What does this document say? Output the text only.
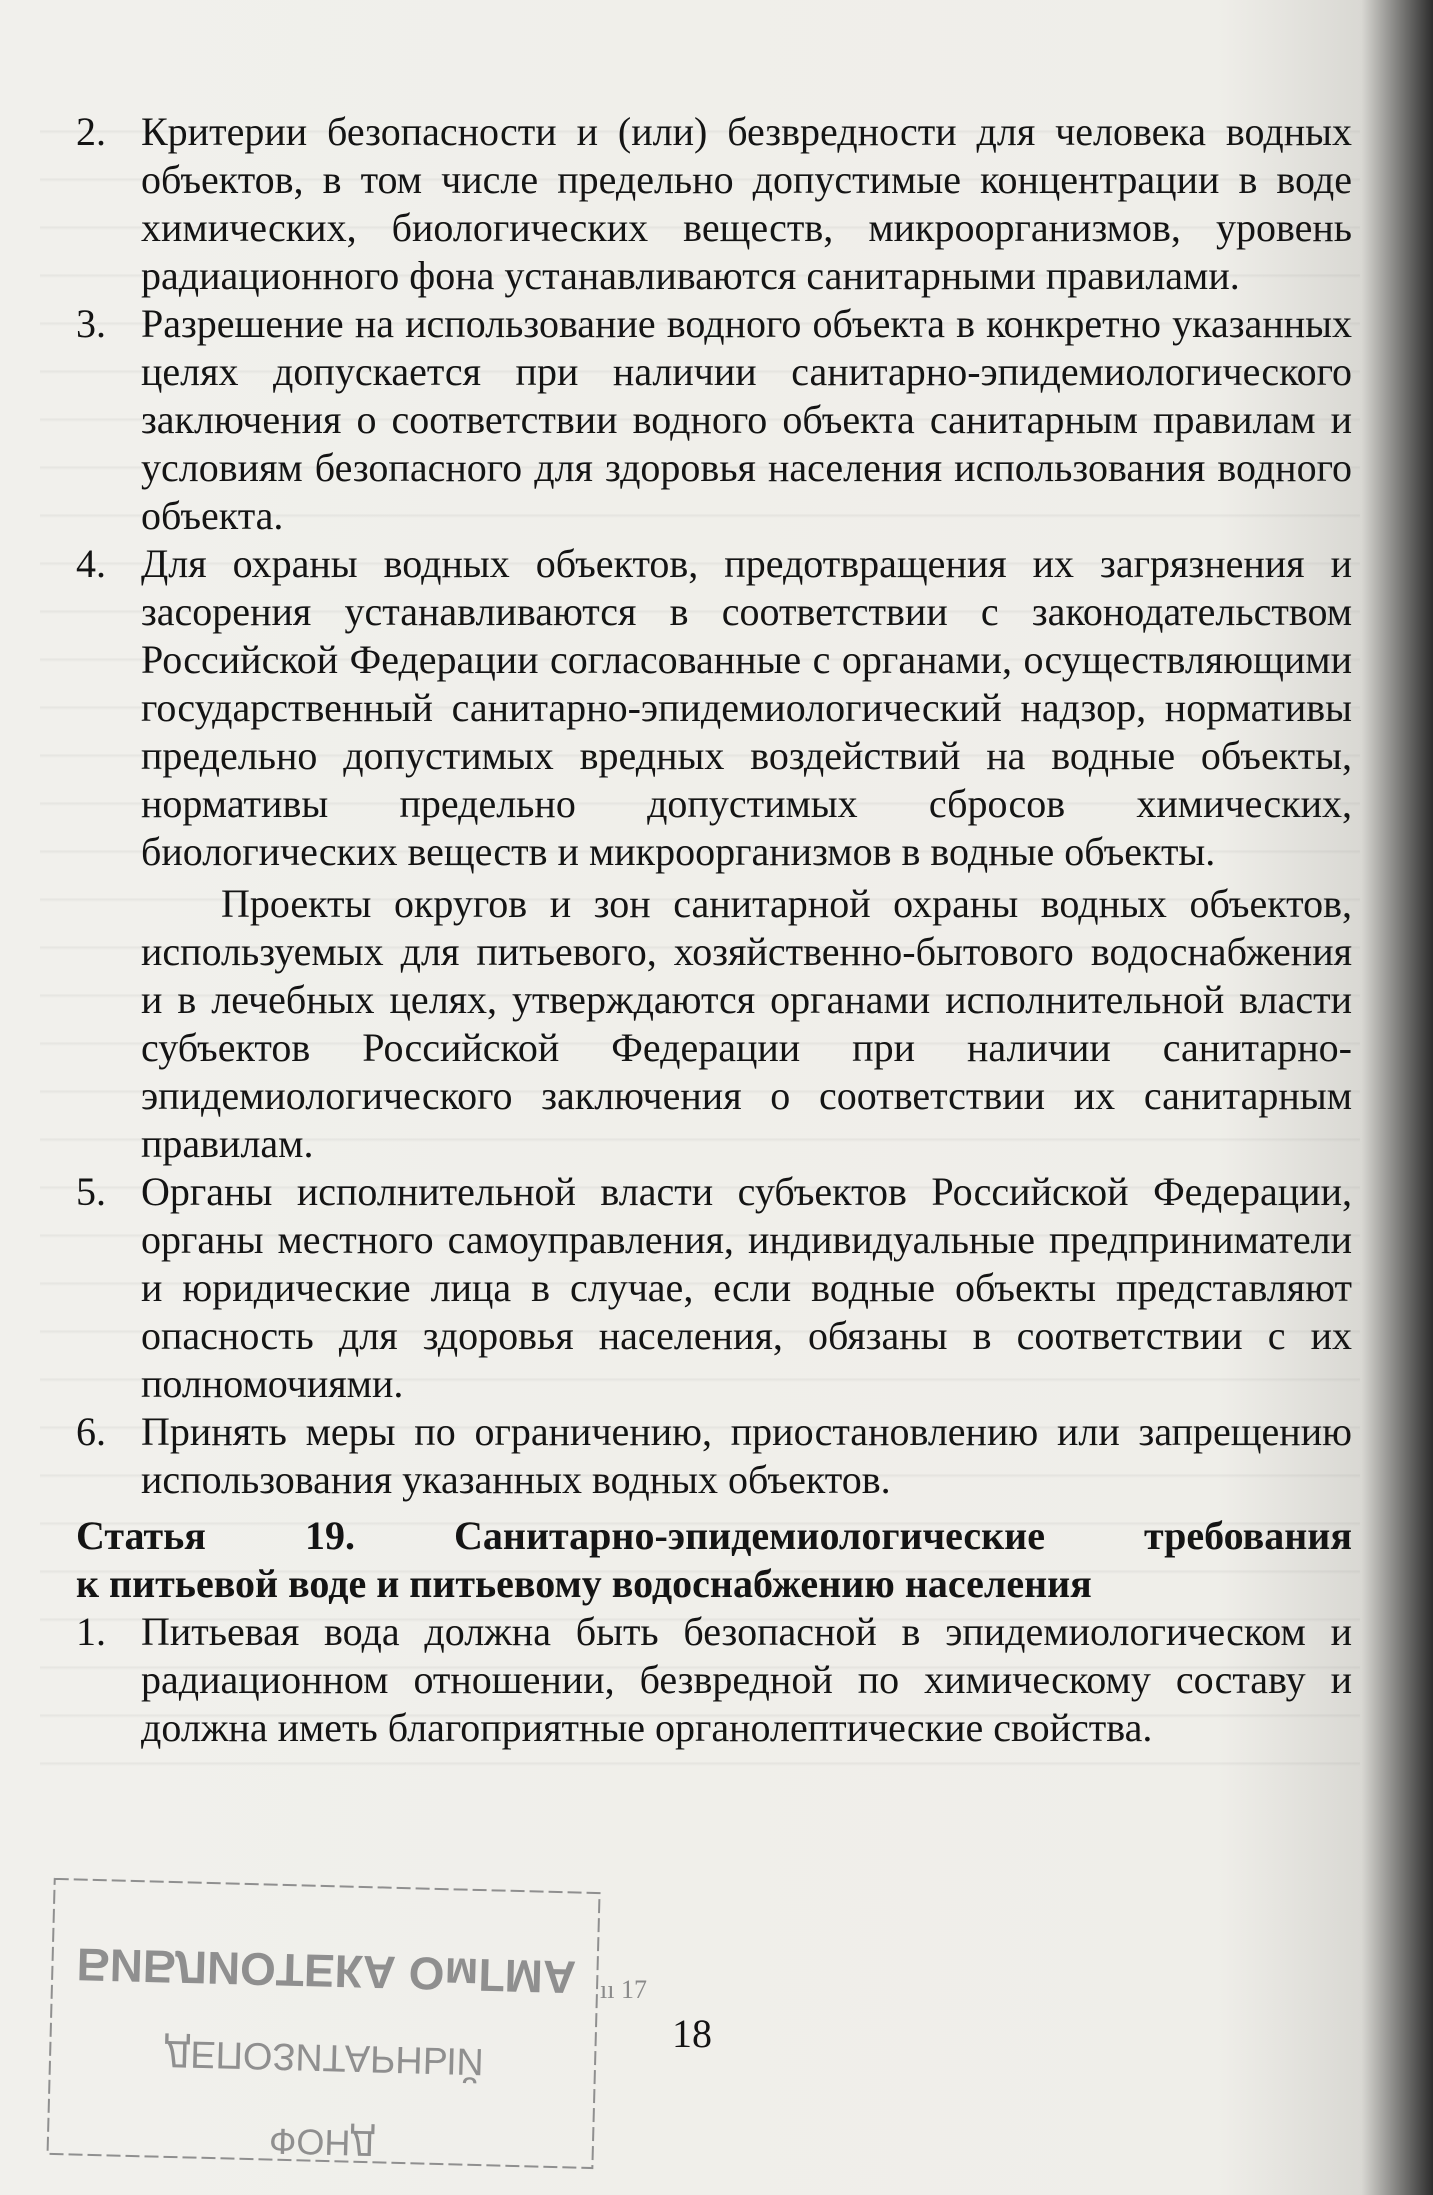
2. Критерии безопасности и (или) безвредности для человека водных объектов, в том числе предельно допустимые концентрации в воде химических, биологических веществ, микроорганизмов, уровень радиационного фона устанавливаются санитарными правилами.
3. Разрешение на использование водного объекта в конкретно указанных целях допускается при наличии санитарно-эпидемиологического заключения о соответствии водного объекта санитарным правилам и условиям безопасного для здоровья населения использования водного объекта.
4. Для охраны водных объектов, предотвращения их загрязнения и засорения устанавливаются в соответствии с законодательством Российской Федерации согласованные с органами, осуществляющими государственный санитарно-эпидемиологический надзор, нормативы предельно допустимых вредных воздействий на водные объекты, нормативы предельно допустимых сбросов химических, биологических веществ и микроорганизмов в водные объекты.

Проекты округов и зон санитарной охраны водных объектов, используемых для питьевого, хозяйственно-бытового водоснабжения и в лечебных целях, утверждаются органами исполнительной власти субъектов Российской Федерации при наличии санитарно-эпидемиологического заключения о соответствии их санитарным правилам.

5. Органы исполнительной власти субъектов Российской Федерации, органы местного самоуправления, индивидуальные предприниматели и юридические лица в случае, если водные объекты представляют опасность для здоровья населения, обязаны в соответствии с их полномочиями.
6. Принять меры по ограничению, приостановлению или запрещению использования указанных водных объектов.
Статья 19. Санитарно-эпидемиологические требования
к питьевой воде и питьевому водоснабжению населения
1. Питьевая вода должна быть безопасной в эпидемиологическом и радиационном отношении, безвредной по химическому составу и должна иметь благоприятные органолептические свойства.
БИБЛИОТЕКА ОмГМА
ДЕПОЗИТАРНЫЙ
ФОНД
ıı 17
18
